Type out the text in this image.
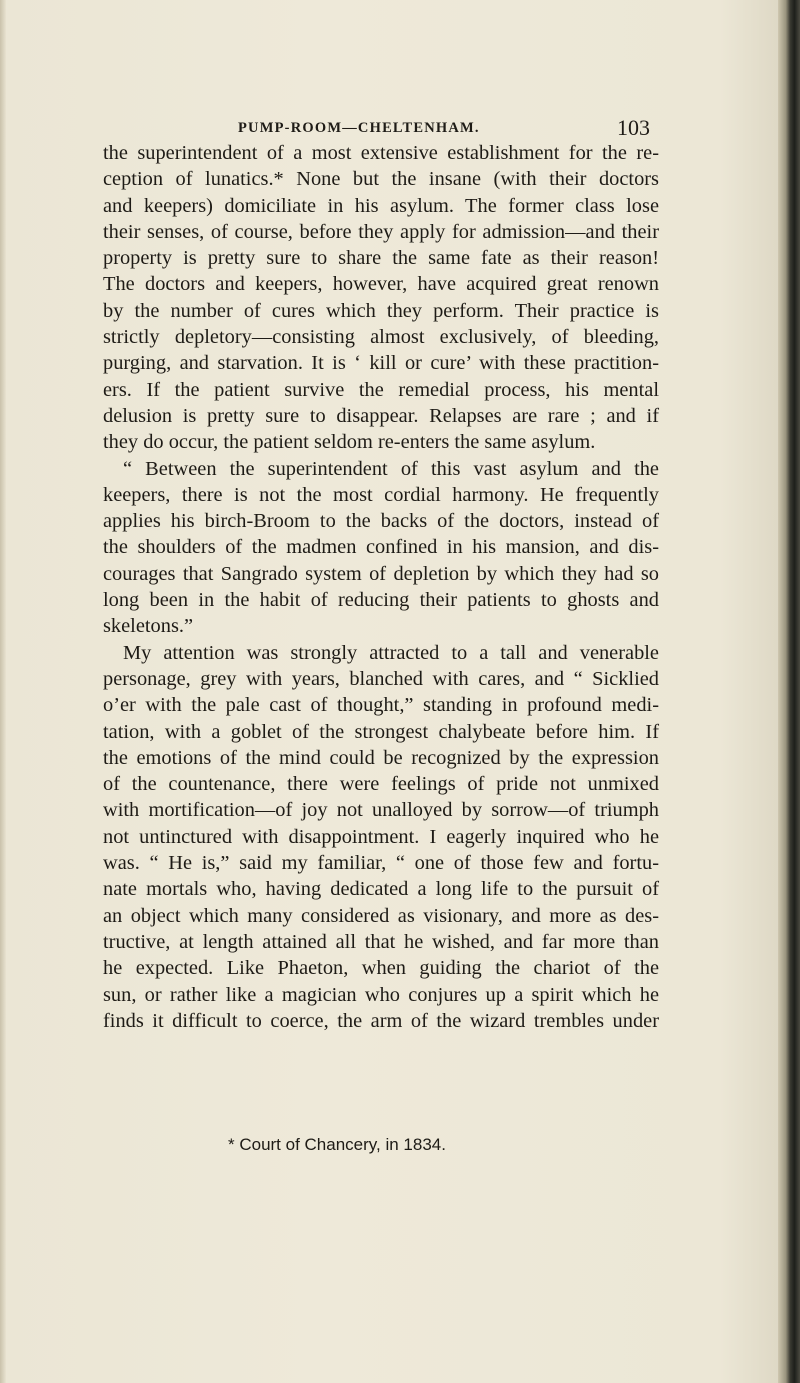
PUMP-ROOM—CHELTENHAM.	103
the superintendent of a most extensive establishment for the re-
ception of lunatics.* None but the insane (with their doctors
and keepers) domiciliate in his asylum. The former class lose
their senses, of course, before they apply for admission—and their
property is pretty sure to share the same fate as their reason!
The doctors and keepers, however, have acquired great renown
by the number of cures which they perform. Their practice is
strictly depletory—consisting almost exclusively, of bleeding,
purging, and starvation. It is ‘ kill or cure’ with these practition-
ers. If the patient survive the remedial process, his mental
delusion is pretty sure to disappear. Relapses are rare ; and if
they do occur, the patient seldom re-enters the same asylum.
“ Between the superintendent of this vast asylum and the
keepers, there is not the most cordial harmony. He frequently
applies his birch-Broom to the backs of the doctors, instead of
the shoulders of the madmen confined in his mansion, and dis-
courages that Sangrado system of depletion by which they had so
long been in the habit of reducing their patients to ghosts and
skeletons.”
My attention was strongly attracted to a tall and venerable
personage, grey with years, blanched with cares, and “ Sicklied
o’er with the pale cast of thought,” standing in profound medi-
tation, with a goblet of the strongest chalybeate before him. If
the emotions of the mind could be recognized by the expression
of the countenance, there were feelings of pride not unmixed
with mortification—of joy not unalloyed by sorrow—of triumph
not untinctured with disappointment. I eagerly inquired who he
was. “ He is,” said my familiar, “ one of those few and fortu-
nate mortals who, having dedicated a long life to the pursuit of
an object which many considered as visionary, and more as des-
tructive, at length attained all that he wished, and far more than
he expected. Like Phaeton, when guiding the chariot of the
sun, or rather like a magician who conjures up a spirit which he
finds it difficult to coerce, the arm of the wizard trembles under
* Court of Chancery, in 1834.
